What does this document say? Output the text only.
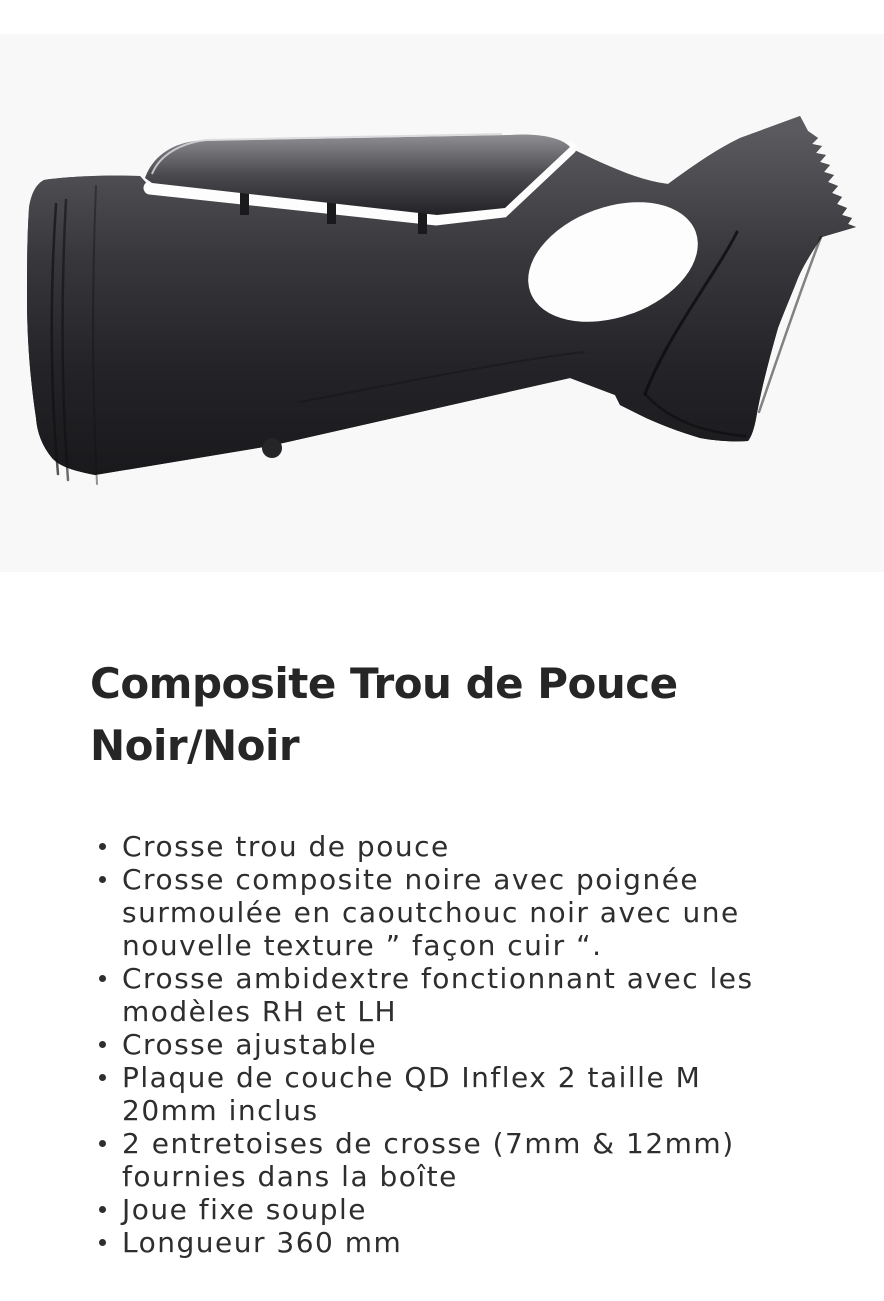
Composite Trou de Pouce
Noir/Noir
Crosse trou de pouce
Crosse composite noire avec poignée
surmoulée en caoutchouc noir avec une
nouvelle texture ” façon cuir “.
Crosse ambidextre fonctionnant avec les
modèles RH et LH
Crosse ajustable
Plaque de couche QD Inflex 2 taille M
20mm inclus
2 entretoises de crosse (7mm & 12mm)
fournies dans la boîte
Joue fixe souple
Longueur 360 mm
